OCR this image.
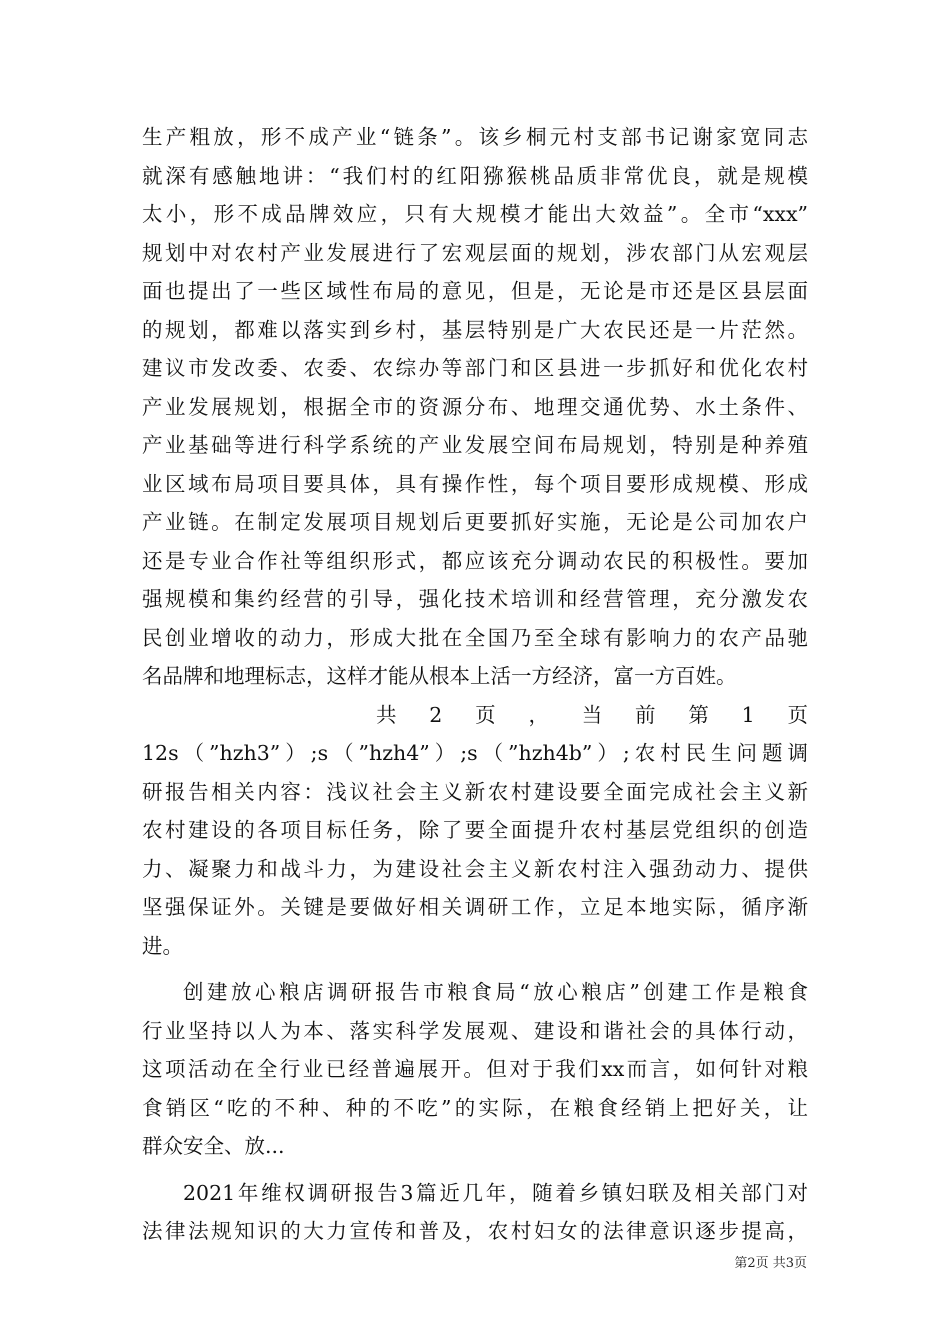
生产粗放，形不成产业“链条”。该乡桐元村支部书记谢家宽同志
就深有感触地讲：“我们村的红阳猕猴桃品质非常优良，就是规模
太小，形不成品牌效应，只有大规模才能出大效益”。全市“xxx”
规划中对农村产业发展进行了宏观层面的规划，涉农部门从宏观层
面也提出了一些区域性布局的意见，但是，无论是市还是区县层面
的规划，都难以落实到乡村，基层特别是广大农民还是一片茫然。
建议市发改委、农委、农综办等部门和区县进一步抓好和优化农村
产业发展规划，根据全市的资源分布、地理交通优势、水土条件、
产业基础等进行科学系统的产业发展空间布局规划，特别是种养殖
业区域布局项目要具体，具有操作性，每个项目要形成规模、形成
产业链。在制定发展项目规划后更要抓好实施，无论是公司加农户
还是专业合作社等组织形式，都应该充分调动农民的积极性。要加
强规模和集约经营的引导，强化技术培训和经营管理，充分激发农
民创业增收的动力，形成大批在全国乃至全球有影响力的农产品驰
名品牌和地理标志，这样才能从根本上活一方经济，富一方百姓。
共2页，当前第1页
12s（”hzh3”）;s（”hzh4”）;s（”hzh4b”）;农村民生问题调
研报告相关内容：浅议社会主义新农村建设要全面完成社会主义新
农村建设的各项目标任务，除了要全面提升农村基层党组织的创造
力、凝聚力和战斗力，为建设社会主义新农村注入强劲动力、提供
坚强保证外。关键是要做好相关调研工作，立足本地实际，循序渐
进。
创建放心粮店调研报告市粮食局“放心粮店”创建工作是粮食
行业坚持以人为本、落实科学发展观、建设和谐社会的具体行动，
这项活动在全行业已经普遍展开。但对于我们xx而言，如何针对粮
食销区“吃的不种、种的不吃”的实际，在粮食经销上把好关，让
群众安全、放...
2021年维权调研报告3篇近几年，随着乡镇妇联及相关部门对
法律法规知识的大力宣传和普及，农村妇女的法律意识逐步提高，
第2页 共3页
